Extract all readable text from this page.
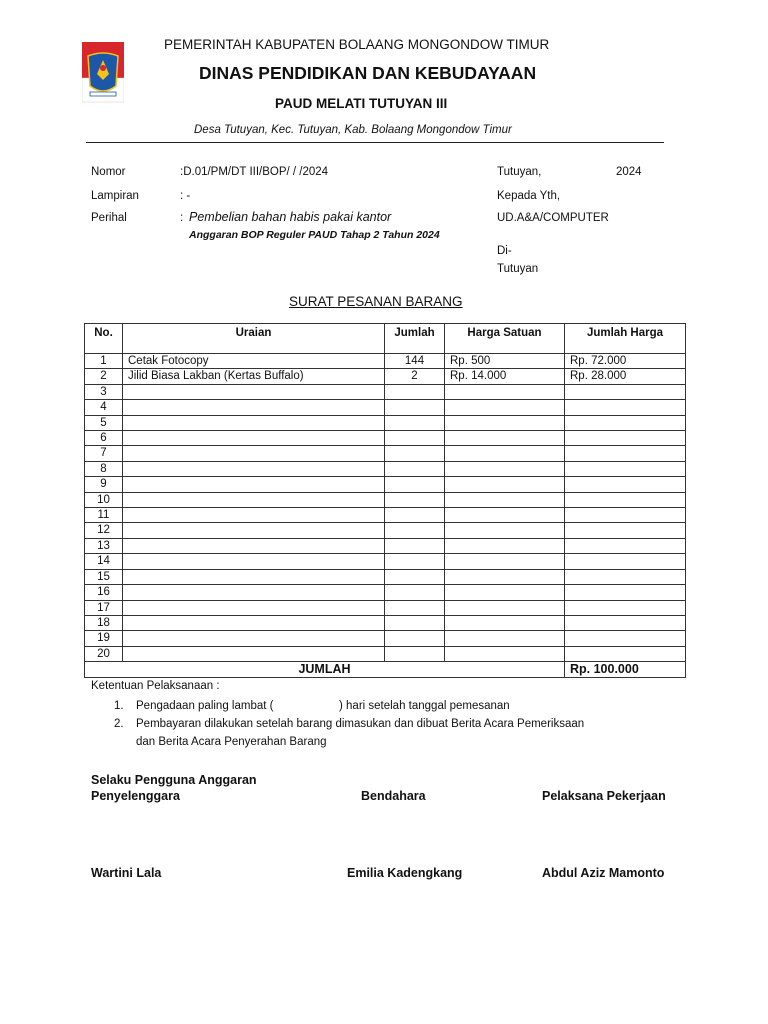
PEMERINTAH KABUPATEN BOLAANG MONGONDOW TIMUR
DINAS PENDIDIKAN DAN KEBUDAYAAN
PAUD MELATI TUTUYAN III
Desa Tutuyan, Kec. Tutuyan, Kab. Bolaang Mongondow Timur
Nomor	:D.01/PM/DT III/BOP/ / /2024
Lampiran	: -
Perihal	: Pembelian bahan habis pakai kantor
Anggaran BOP Reguler PAUD Tahap 2 Tahun 2024
Tutuyan,	2024
Kepada Yth,
UD.A&A/COMPUTER
Di-
Tutuyan
SURAT PESANAN BARANG
No.	Uraian	Jumlah	Harga Satuan	Jumlah Harga
1	Cetak Fotocopy	144	Rp. 500	Rp. 72.000
2	Jilid Biasa Lakban (Kertas Buffalo)	2	Rp. 14.000	Rp. 28.000
3				
4				
5				
6				
7				
8				
9				
10				
11				
12				
13				
14				
15				
16				
17				
18				
19				
20				
JUMLAH				Rp. 100.000
Ketentuan Pelaksanaan :
1. Pengadaan paling lambat (	) hari setelah tanggal pemesanan
2. Pembayaran dilakukan setelah barang dimasukan dan dibuat Berita Acara Pemeriksaan
dan Berita Acara Penyerahan Barang
Selaku Pengguna Anggaran
Penyelenggara	Bendahara	Pelaksana Pekerjaan
Wartini Lala	Emilia Kadengkang	Abdul Aziz Mamonto
